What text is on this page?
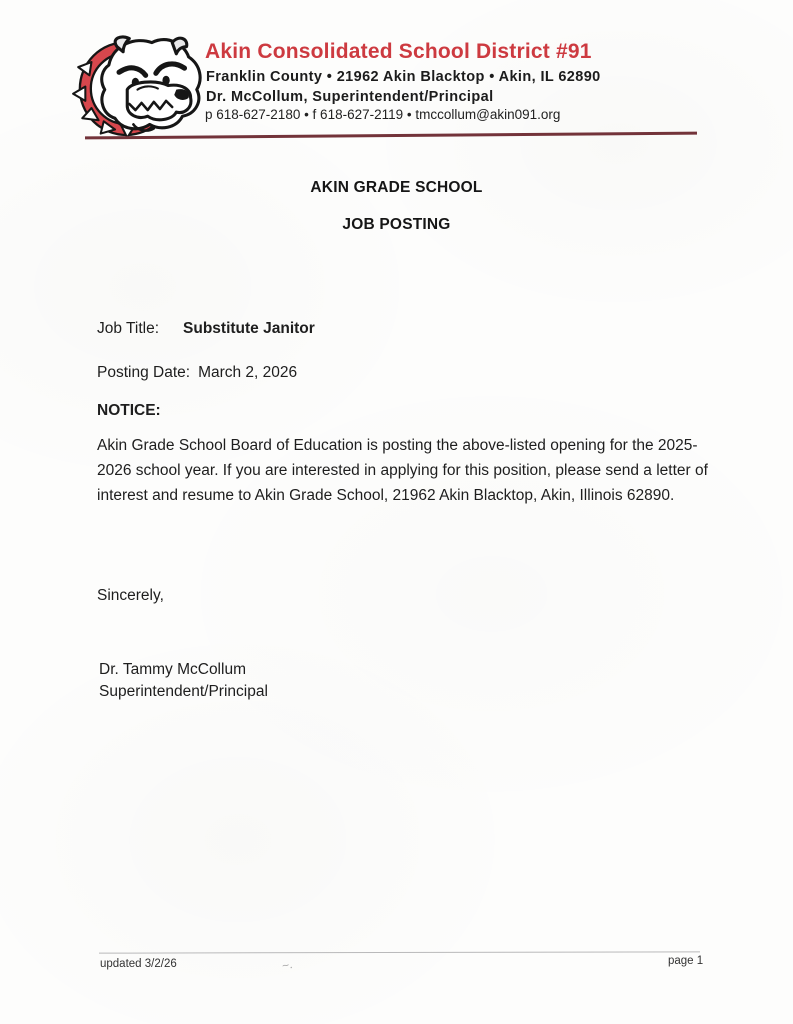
Akin Consolidated School District #91
Franklin County • 21962 Akin Blacktop • Akin, IL 62890
Dr. McCollum, Superintendent/Principal
p 618-627-2180 • f 618-627-2119 • tmccollum@akin091.org
AKIN GRADE SCHOOL
JOB POSTING
Job Title: Substitute Janitor
Posting Date: March 2, 2026
NOTICE:

Akin Grade School Board of Education is posting the above-listed opening for the 2025-2026 school year. If you are interested in applying for this position, please send a letter of interest and resume to Akin Grade School, 21962 Akin Blacktop, Akin, Illinois 62890.

Sincerely,
Dr. Tammy McCollum
Superintendent/Principal
updated 3/2/26	~.	page 1
